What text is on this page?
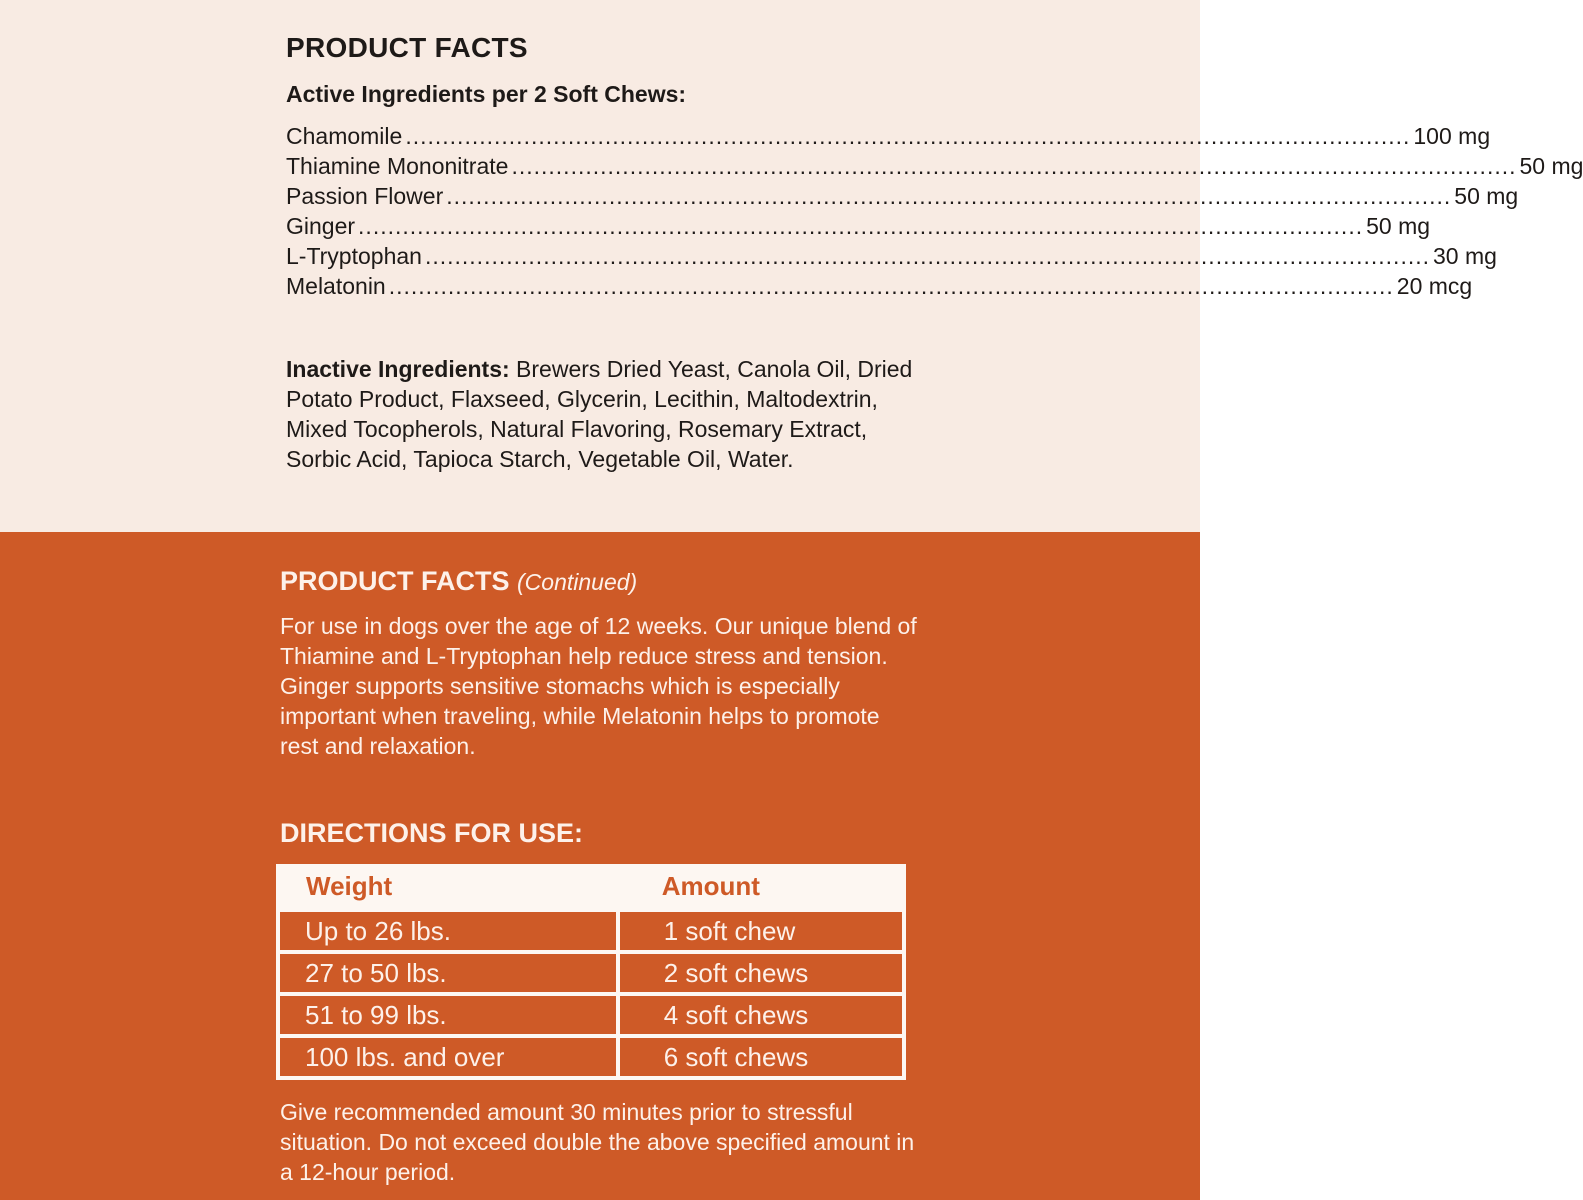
PRODUCT FACTS
Active Ingredients per 2 Soft Chews:
Chamomile ........................................................................................................................................ 100 mg
Thiamine Mononitrate ........................................................................................................................................ 50 mg
Passion Flower ........................................................................................................................................ 50 mg
Ginger ........................................................................................................................................ 50 mg
L-Tryptophan ........................................................................................................................................ 30 mg
Melatonin ........................................................................................................................................ 20 mcg

Inactive Ingredients: Brewers Dried Yeast, Canola Oil, Dried Potato Product, Flaxseed, Glycerin, Lecithin, Maltodextrin, Mixed Tocopherols, Natural Flavoring, Rosemary Extract, Sorbic Acid, Tapioca Starch, Vegetable Oil, Water.

PRODUCT FACTS (Continued)

For use in dogs over the age of 12 weeks. Our unique blend of Thiamine and L-Tryptophan help reduce stress and tension. Ginger supports sensitive stomachs which is especially important when traveling, while Melatonin helps to promote rest and relaxation.

DIRECTIONS FOR USE:
Weight	Amount
Up to 26 lbs.	1 soft chew
27 to 50 lbs.	2 soft chews
51 to 99 lbs.	4 soft chews
100 lbs. and over	6 soft chews

Give recommended amount 30 minutes prior to stressful situation. Do not exceed double the above specified amount in a 12-hour period.
